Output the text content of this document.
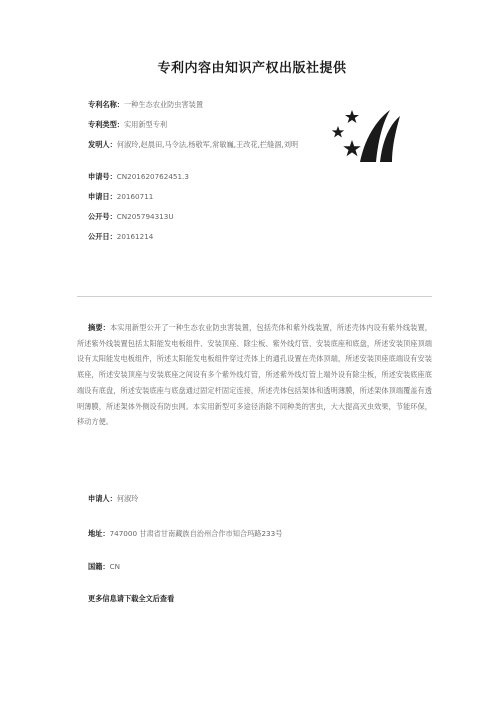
专利内容由知识产权出版社提供
专利名称： 一种生态农业防虫害装置
专利类型： 实用新型专利
发明人： 何淑玲,赵晨田,马令法,杨敬军,常敏巍,王改花,拦缝涸,刘明
申请号： CN201620762451.3
申请日： 20160711
公开号： CN205794313U
公开日： 20161214
摘要：本实用新型公开了一种生态农业防虫害装置，包括壳体和紫外线装置，所述壳体内设有紫外线装置，所述紫外线装置包括太阳能发电板组件、安装顶座、除尘板、紫外线灯管、安装底座和底盘，所述安装顶座顶端设有太阳能发电板组件，所述太阳能发电板组件穿过壳体上的通孔设置在壳体顶端，所述安装顶座底端设有安装底座，所述安装顶座与安装底座之间设有多个紫外线灯管，所述紫外线灯管上端外设有除尘板，所述安装底座底端设有底盘，所述安装底座与底盘通过固定杆固定连接，所述壳体包括架体和透明薄膜，所述架体顶端覆盖有透明薄膜，所述架体外侧设有防虫网。本实用新型可多途径消除不同种类的害虫，大大提高灭虫效果，节能环保，移动方便。
申请人：何淑玲
地址：747000 甘肃省甘南藏族自治州合作市知合玛路233号
国籍：CN
更多信息请下载全文后查看
